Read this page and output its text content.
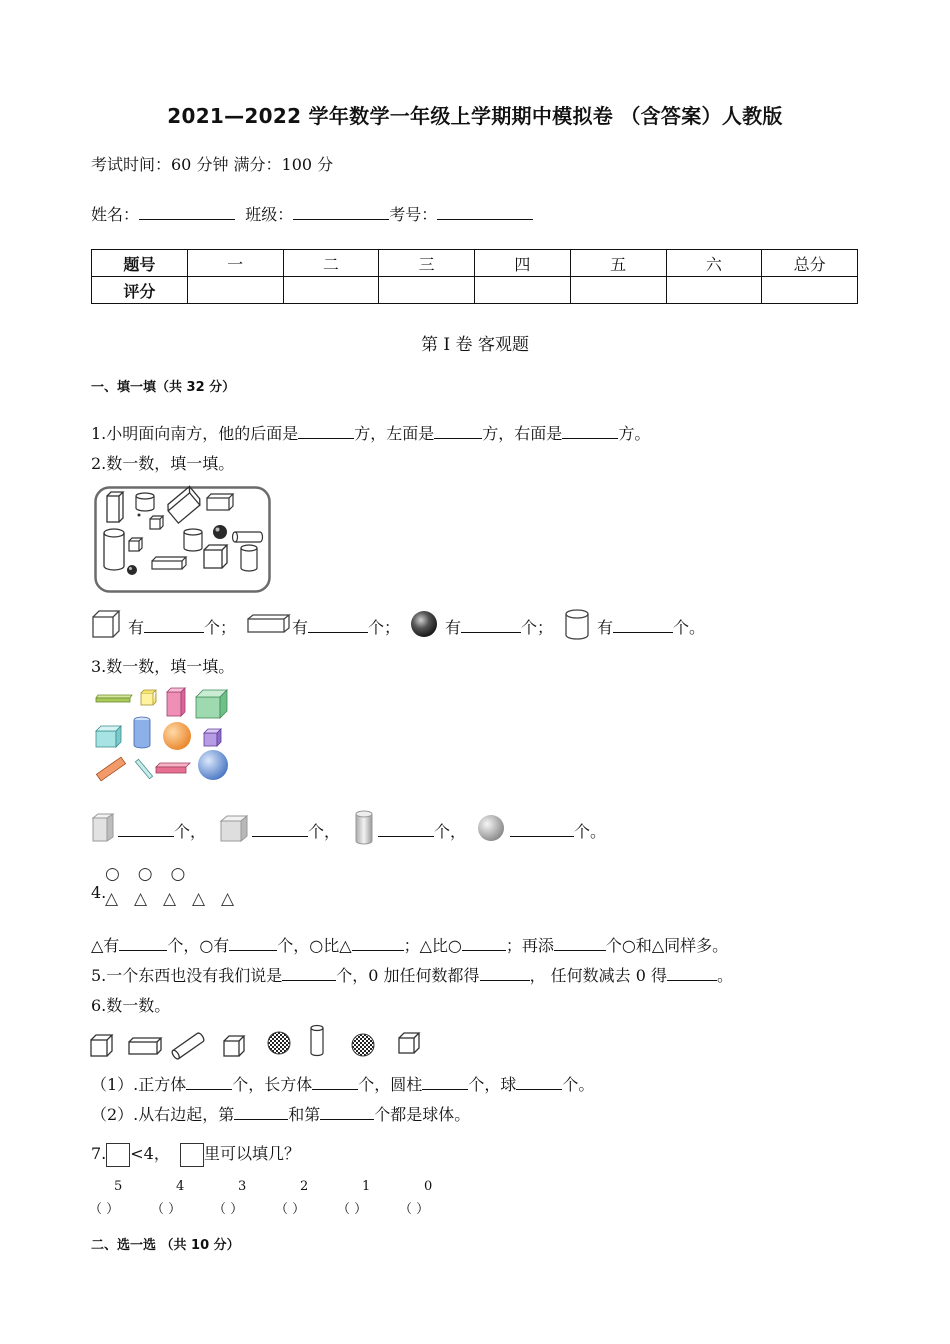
2021—2022 学年数学一年级上学期期中模拟卷 （含答案）人教版
考试时间：60 分钟 满分：100 分
姓名：	班级：	考号：
题号	一	二	三	四	五	六	总分
评分							
第 I 卷 客观题
一、填一填（共 32 分）
1.小明面向南方，他的后面是	方，左面是	方，右面是	方。
2.数一数，填一填。
有	个；	有	个；	有	个；	有	个。
3.数一数，填一填。
个，	个，	个，	个。
○ ○ ○
4.
△ △ △ △ △
△有	个，○有	个，○比△	；△比○	；再添	个○和△同样多。
5.一个东西也没有我们说是	个，0 加任何数都得	， 任何数减去 0 得	。
6.数一数。
（1）.正方体	个，长方体	个，圆柱	个，球	个。
（2）.从右边起，第	和第	个都是球体。
7. <4， 里可以填几？
5	4	3	2	1	0
（ ） （ ） （ ） （ ） （ ） （ ）
二、选一选 （共 10 分）
